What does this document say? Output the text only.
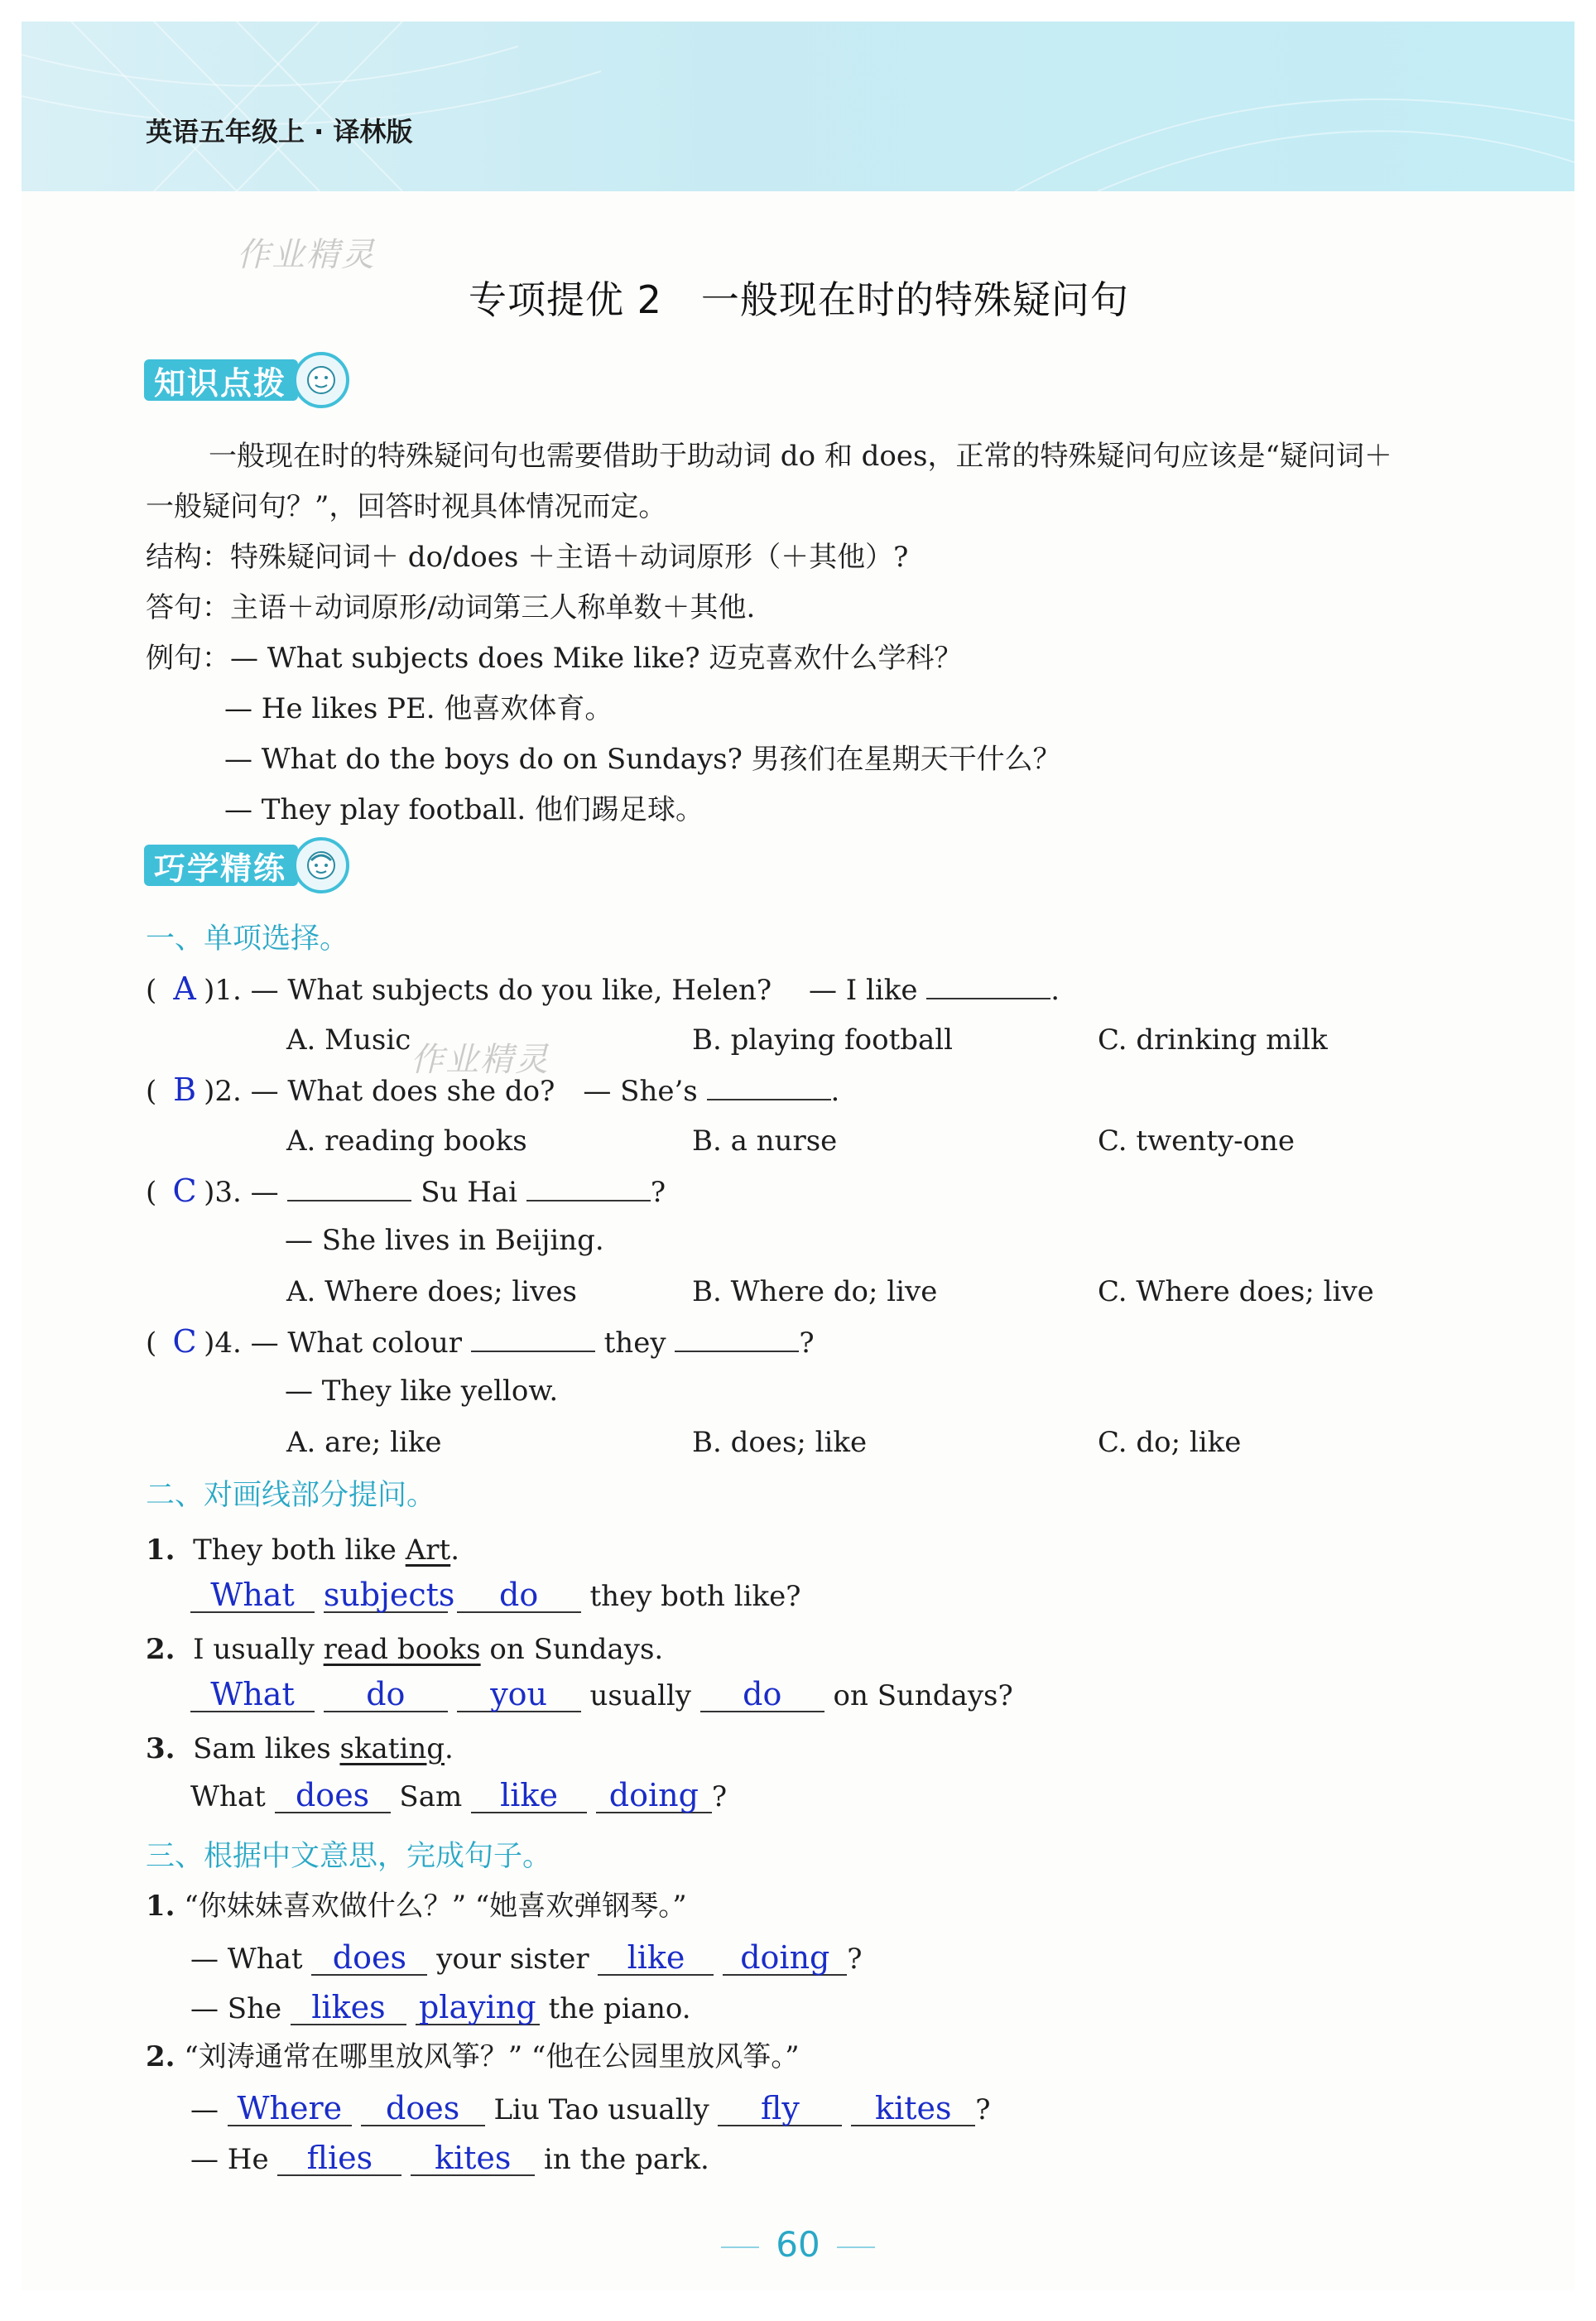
英语五年级上 · 译林版
作业精灵
专项提优 2　一般现在时的特殊疑问句
知识点拨
一般现在时的特殊疑问句也需要借助于助动词 do 和 does，正常的特殊疑问句应该是“疑问词＋
一般疑问句？”，回答时视具体情况而定。
结构：特殊疑问词＋ do/does ＋主语＋动词原形（＋其他）?
答句：主语＋动词原形/动词第三人称单数＋其他.
例句：— What subjects does Mike like? 迈克喜欢什么学科？
— He likes PE. 他喜欢体育。
— What do the boys do on Sundays? 男孩们在星期天干什么？
— They play football. 他们踢足球。
巧学精练
一、单项选择。
( A )1. — What subjects do you like, Helen?　 — I like	.
A. Music	B. playing football	C. drinking milk
( B )2. — What does she do?　— She’s	.
作业精灵
A. reading books	B. a nurse	C. twenty-one
( C )3. —	Su Hai	?
— She lives in Beijing.
A. Where does; lives	B. Where do; live	C. Where does; live
( C )4. — What colour	they	?
— They like yellow.
A. are; like	B. does; like	C. do; like
二、对画线部分提问。
1. They both like Art.
What subjects do they both like?
2. I usually read books on Sundays.
What do	you usually do on Sundays?
3. Sam likes skating.
What does Sam like doing ?
三、根据中文意思，完成句子。
1. “你妹妹喜欢做什么？” “她喜欢弹钢琴。”
— What does your sister like doing ?
— She likes playing the piano.
2. “刘涛通常在哪里放风筝？” “他在公园里放风筝。”
— Where does Liu Tao usually fly kites ?
— He flies kites in the park.
60
